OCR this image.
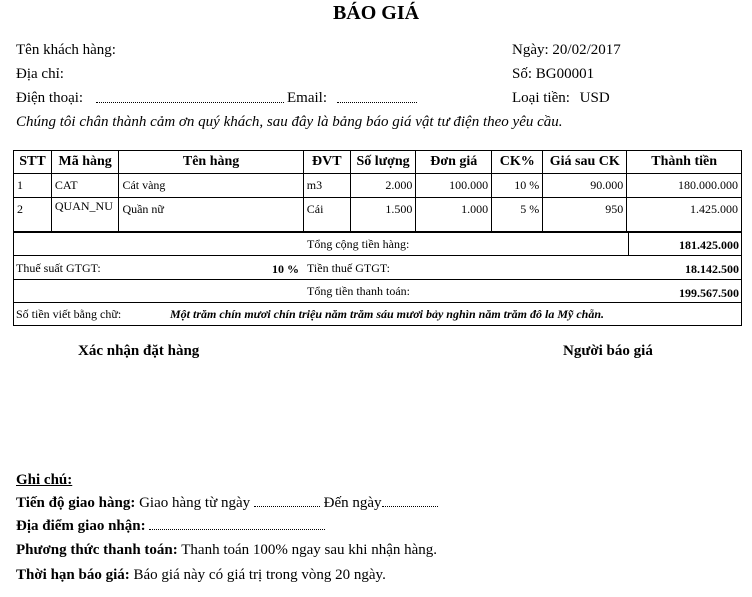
BÁO GIÁ
Tên khách hàng:
Địa chỉ:
Điện thoại:	Email:
Ngày: 20/02/2017
Số: BG00001
Loại tiền: USD
Chúng tôi chân thành cảm ơn quý khách, sau đây là bảng báo giá vật tư điện theo yêu cầu.
STT	Mã hàng	Tên hàng	ĐVT	Số lượng	Đơn giá	CK%	Giá sau CK	Thành tiền
1	CAT	Cát vàng	m3	2.000	100.000	10 %	90.000	180.000.000
2	QUAN_NU	Quần nữ	Cái	1.500	1.000	5 %	950	1.425.000
Tổng cộng tiền hàng:	181.425.000
Thuế suất GTGT:	10 % Tiền thuế GTGT:	18.142.500
Tổng tiền thanh toán:	199.567.500
Số tiền viết bằng chữ:	Một trăm chín mươi chín triệu năm trăm sáu mươi bảy nghìn năm trăm đô la Mỹ chẵn.
Xác nhận đặt hàng	Người báo giá
Ghi chú:
Tiến độ giao hàng: Giao hàng từ ngày	Đến ngày
Địa điểm giao nhận:
Phương thức thanh toán: Thanh toán 100% ngay sau khi nhận hàng.
Thời hạn báo giá: Báo giá này có giá trị trong vòng 20 ngày.
